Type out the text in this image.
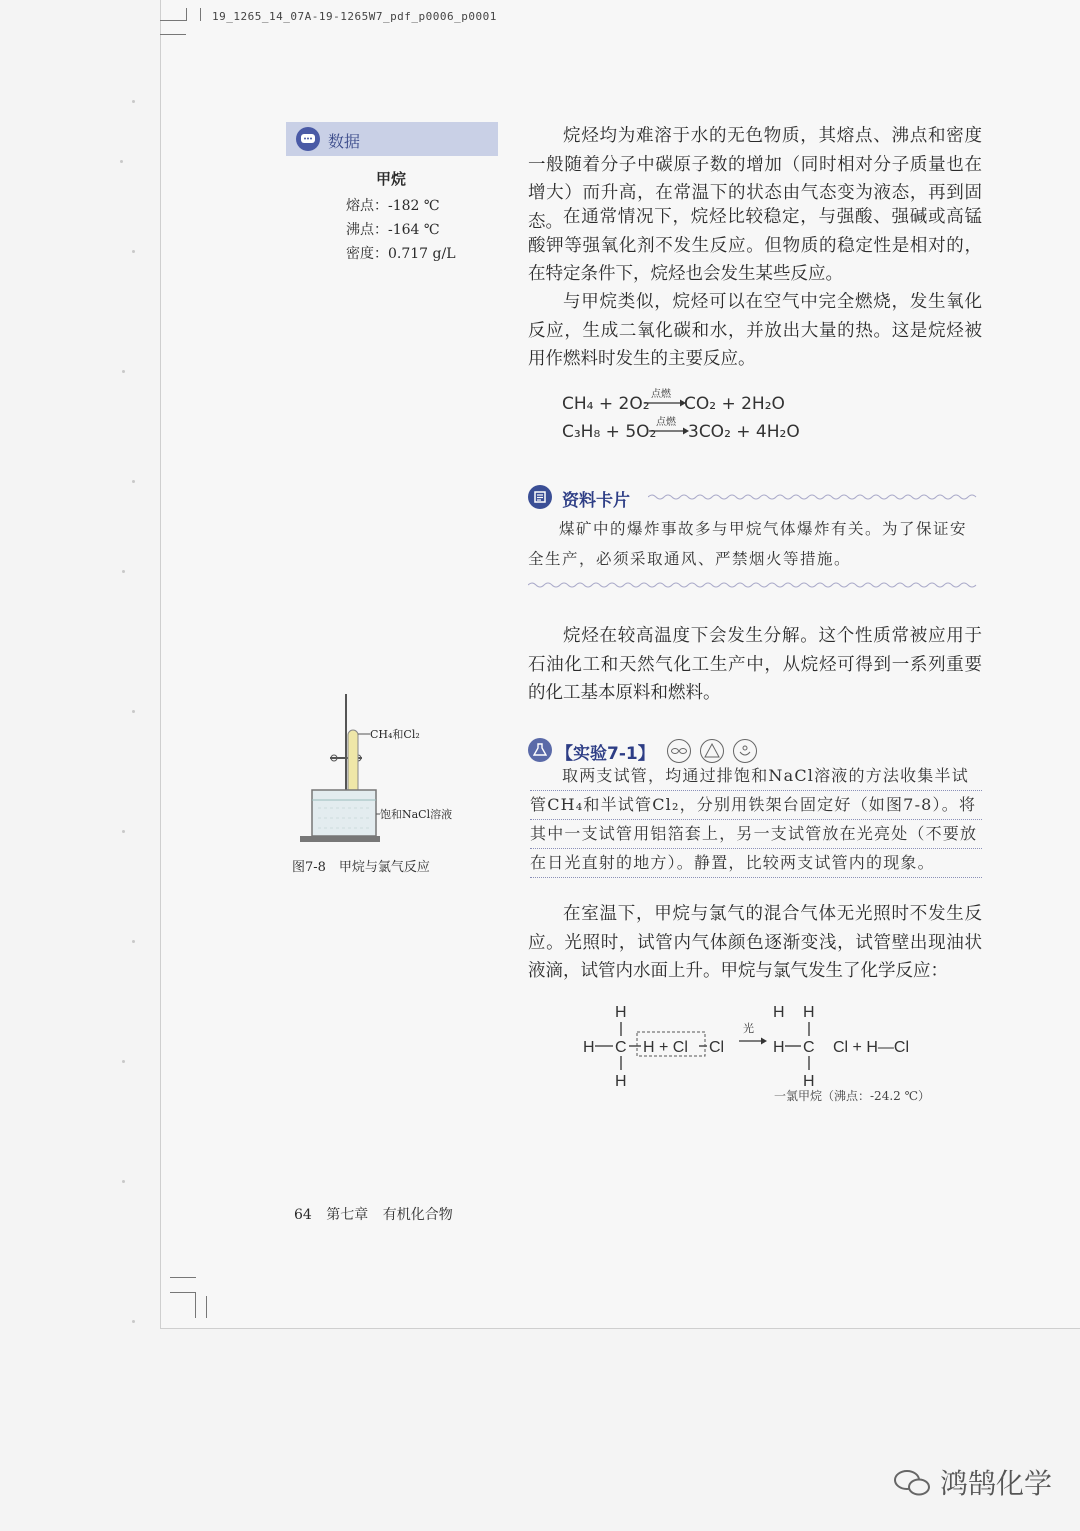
19_1265_14_07A-19-1265W7_pdf_p0006_p0001
数据
甲烷
熔点：-182 ℃
沸点：-164 ℃
密度：0.717 g/L
烷烃均为难溶于水的无色物质，其熔点、沸点和密度一般随着分子中碳原子数的增加（同时相对分子质量也在增大）而升高，在常温下的状态由气态变为液态，再到固态。 在通常情况下，烷烃比较稳定，与强酸、强碱或高锰酸钾等强氧化剂不发生反应。但物质的稳定性是相对的，在特定条件下，烷烃也会发生某些反应。
与甲烷类似，烷烃可以在空气中完全燃烧，发生氧化反应，生成二氧化碳和水，并放出大量的热。这是烷烃被用作燃料时发生的主要反应。
CH₄ + 2O₂ 点燃 CO₂ + 2H₂O
C₃H₈ + 5O₂ 点燃 → 3CO₂ + 4H₂O
资料卡片
煤矿中的爆炸事故多与甲烷气体爆炸有关。为了保证安全生产，必须采取通风、严禁烟火等措施。
烷烃在较高温度下会发生分解。这个性质常被应用于石油化工和天然气化工生产中，从烷烃可得到一系列重要的化工基本原料和燃料。
【实验7-1】
取两支试管，均通过排饱和NaCl溶液的方法收集半试
管CH₄和半试管Cl₂，分别用铁架台固定好（如图7-8）。将
其中一支试管用铝箔套上，另一支试管放在光亮处（不要放
在日光直射的地方）。静置，比较两支试管内的现象。
CH₄和Cl₂
饱和NaCl溶液
图7-8　甲烷与氯气反应
在室温下，甲烷与氯气的混合气体无光照时不发生反应。光照时，试管内气体颜色逐渐变浅，试管壁出现油状液滴，试管内水面上升。甲烷与氯气发生了化学反应：
H
H C
H
H + Cl Cl
H
H C
H
Cl + H—Cl
H
光
一氯甲烷（沸点：-24.2 ℃）
64 第七章 有机化合物
鸿鹄化学
